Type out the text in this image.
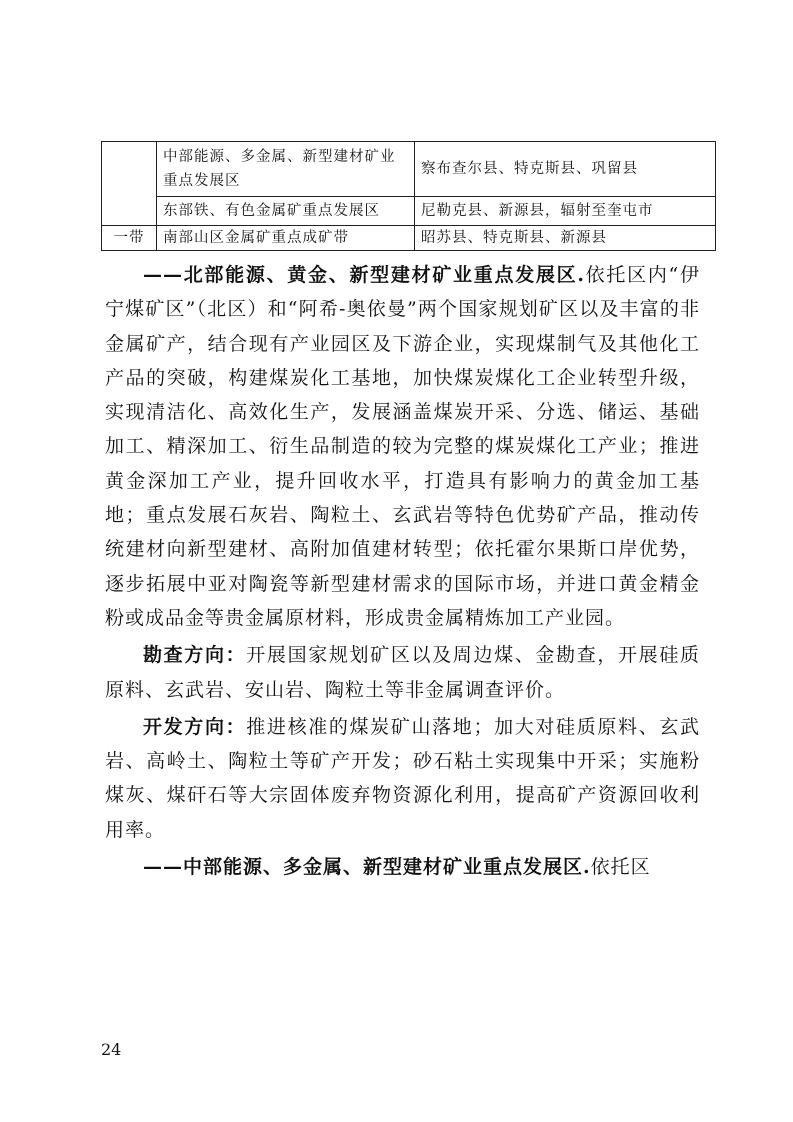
	中部能源、多金属、新型建材矿业重点发展区	察布查尔县、特克斯县、巩留县
	东部铁、有色金属矿重点发展区	尼勒克县、新源县，辐射至奎屯市
一带	南部山区金属矿重点成矿带	昭苏县、特克斯县、新源县

——北部能源、黄金、新型建材矿业重点发展区.依托区内“伊宁煤矿区”（北区）和“阿希-奥依曼”两个国家规划矿区以及丰富的非金属矿产，结合现有产业园区及下游企业，实现煤制气及其他化工产品的突破，构建煤炭化工基地，加快煤炭煤化工企业转型升级，实现清洁化、高效化生产，发展涵盖煤炭开采、分选、储运、基础加工、精深加工、衍生品制造的较为完整的煤炭煤化工产业；推进黄金深加工产业，提升回收水平，打造具有影响力的黄金加工基地；重点发展石灰岩、陶粒土、玄武岩等特色优势矿产品，推动传统建材向新型建材、高附加值建材转型；依托霍尔果斯口岸优势，逐步拓展中亚对陶瓷等新型建材需求的国际市场，并进口黄金精金粉或成品金等贵金属原材料，形成贵金属精炼加工产业园。

勘查方向：开展国家规划矿区以及周边煤、金勘查，开展硅质原料、玄武岩、安山岩、陶粒土等非金属调查评价。

开发方向：推进核准的煤炭矿山落地；加大对硅质原料、玄武岩、高岭土、陶粒土等矿产开发；砂石粘土实现集中开采；实施粉煤灰、煤矸石等大宗固体废弃物资源化利用，提高矿产资源回收利用率。

——中部能源、多金属、新型建材矿业重点发展区.依托区

24
